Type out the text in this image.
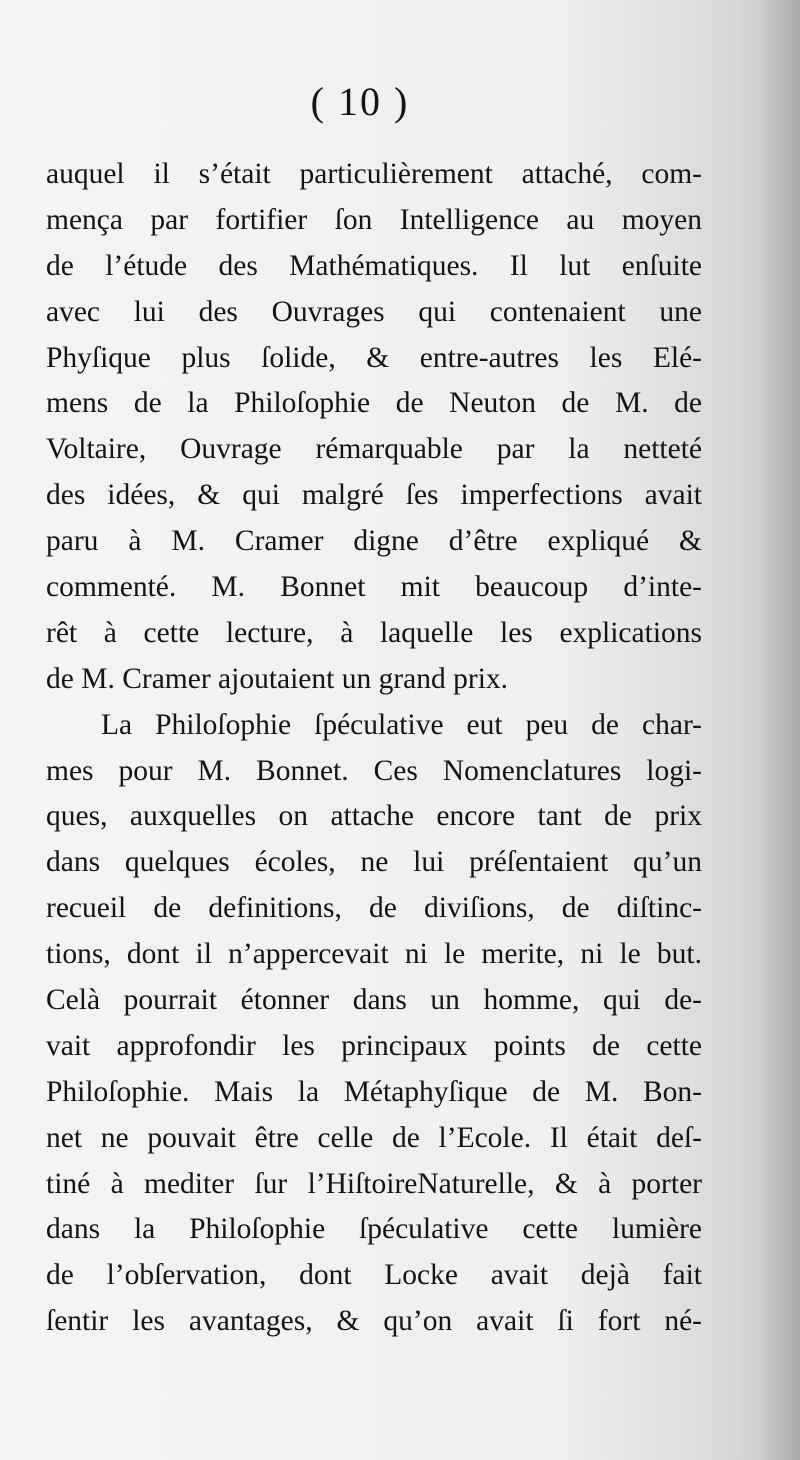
( 10 )
auquel il s’était particulièrement attaché, com-
mença par fortifier ſon Intelligence au moyen
de l’étude des Mathématiques. Il lut enſuite
avec lui des Ouvrages qui contenaient une
Phyſique plus ſolide, & entre-autres les Elé-
mens de la Philoſophie de Neuton de M. de
Voltaire, Ouvrage rémarquable par la netteté
des idées, & qui malgré ſes imperfections avait
paru à M. Cramer digne d’être expliqué &
commenté. M. Bonnet mit beaucoup d’inte-
rêt à cette lecture, à laquelle les explications
de M. Cramer ajoutaient un grand prix.
La Philoſophie ſpéculative eut peu de char-
mes pour M. Bonnet. Ces Nomenclatures logi-
ques, auxquelles on attache encore tant de prix
dans quelques écoles, ne lui préſentaient qu’un
recueil de definitions, de diviſions, de diſtinc-
tions, dont il n’appercevait ni le merite, ni le but.
Celà pourrait étonner dans un homme, qui de-
vait approfondir les principaux points de cette
Philoſophie. Mais la Métaphyſique de M. Bon-
net ne pouvait être celle de l’Ecole. Il était deſ-
tiné à mediter ſur l’HiſtoireNaturelle, & à porter
dans la Philoſophie ſpéculative cette lumière
de l’obſervation, dont Locke avait dejà fait
ſentir les avantages, & qu’on avait ſi fort né-
